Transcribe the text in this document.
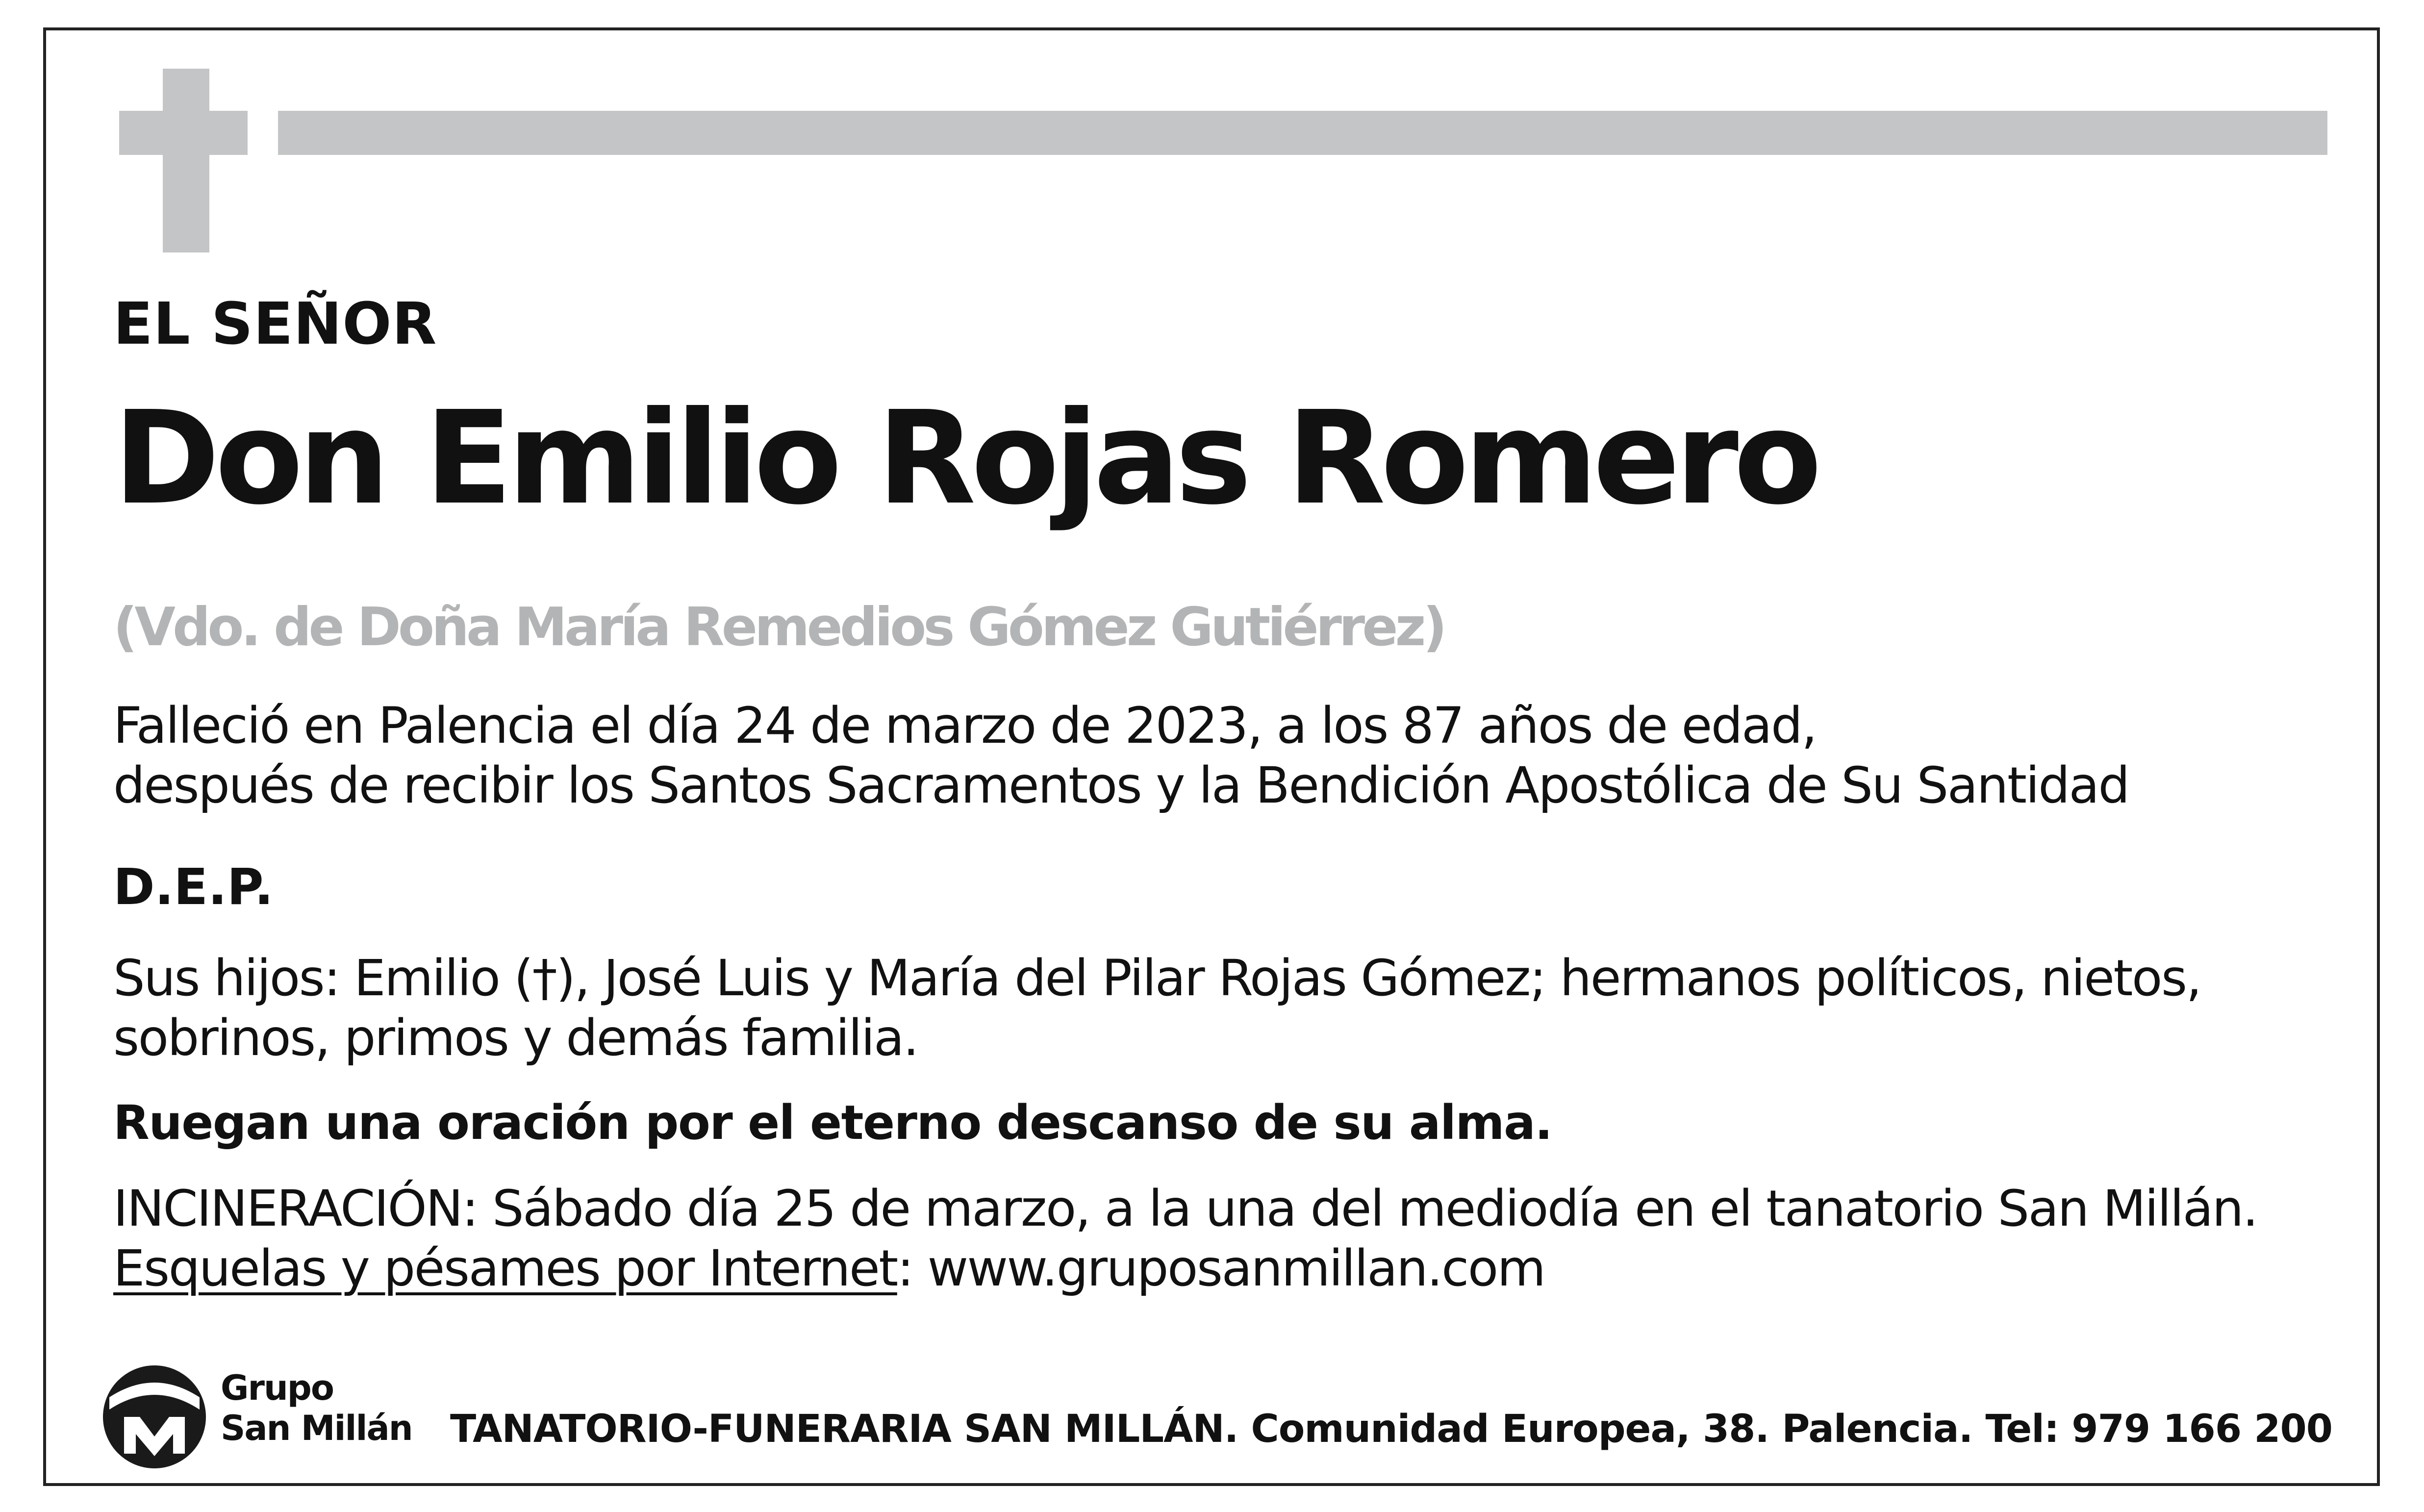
EL SEÑOR
Don Emilio Rojas Romero
(Vdo. de Doña María Remedios Gómez Gutiérrez)
Falleció en Palencia el día 24 de marzo de 2023, a los 87 años de edad,
después de recibir los Santos Sacramentos y la Bendición Apostólica de Su Santidad
D.E.P.
Sus hijos: Emilio (†), José Luis y María del Pilar Rojas Gómez; hermanos políticos, nietos,
sobrinos, primos y demás familia.
Ruegan una oración por el eterno descanso de su alma.
INCINERACIÓN: Sábado día 25 de marzo, a la una del mediodía en el tanatorio San Millán.
Esquelas y pésames por Internet: www.gruposanmillan.com
Grupo
San Millán TANATORIO-FUNERARIA SAN MILLÁN. Comunidad Europea, 38. Palencia. Tel: 979 166 200
